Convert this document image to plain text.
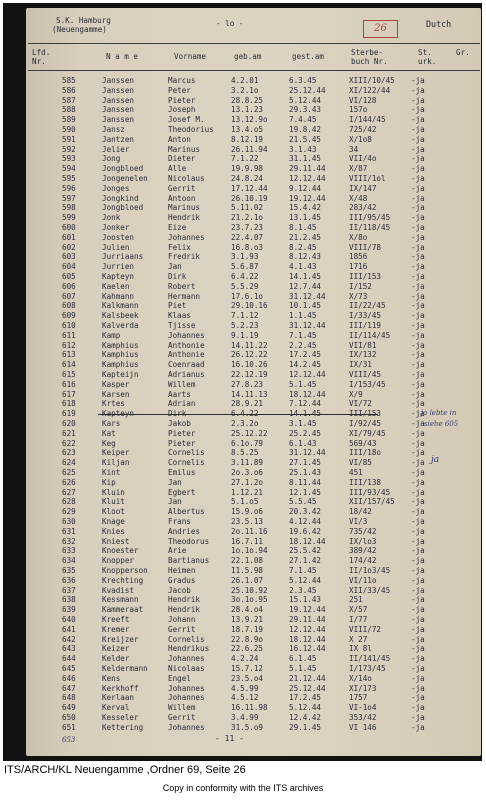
S.K. Hamburg
(Neuengamme)
- lo -	26	Dutch
Lfd.
Nr.
N a m e	Vorname	geb.am	gest.am	Sterbe-
buch Nr.
St.
urk.
Gr.
585	Janssen	Marcus	4.2.01	6.3.45	XIII/10/45 -ja
586	Janssen	Peter	3.2.1o	25.12.44	XI/122/44	-ja
587	Janssen	Pieter	28.8.25	5.12.44	VI/128	-ja
588	Janssen	Joseph	13.1.23	29.3.43	157o	-ja
589	Janssen	Josef M.	13.12.9o	7.4.45	I/144/45	-ja
590	Jansz	Theodorius 13.4.o5	19.8.42	725/42	-ja
591	Jantzen	Anton	8.12.19	21.5.45	X/1o8	-ja
592	Jelier	Marinus	26.11.94	3.1.43	34	-ja
593	Jong	Dieter	7.1.22	31.1.45	VII/4o	-ja
594	Jongbloed	Alle	19.9.98	29.11.44	X/87	-ja
595	Jongenelen	Nicolaus	24.8.24	12.12.44	VIII/1ol	-ja
596	Jonges	Gerrit	17.12.44	9.12.44	IX/147	-ja
597	Jongkind	Antoon	26.10.19	19.12.44	X/48	-ja
598	Jongbloed	Marinus	5.11.02	15.4.42	283/42	-ja
599	Jonk	Hendrik	21.2.1o	13.1.45	III/95/45	-ja
600	Jonker	Eize	23.7.23	8.1.45	II/118/45	-ja
601	Joosten	Johannes	22.4.07	21.2.45	X/8o	-ja
602	Julien	Felix	16.8.o3	8.2.45	VIII/78	-ja
603	Jurriaans	Fredrik	3.1.93	8.12.43	1856	-ja
604	Jurrien	Jan	5.6.87	4.1.43	1716	-ja
605	Kapteyn	Dirk	6.4.22	14.1.45	III/153	-ja
606	Kaelen	Robert	5.5.29	12.7.44	I/152	-ja
607	Kahmann	Hermann	17.6.1o	31.12.44	X/73	-ja
608	Kalkmann	Piet	29.10.16	10.1.45	II/22/45	-ja
609	Kalsbeek	Klaas	7.1.12	1.1.45	I/33/45	-ja
610	Kalverda	Tjisse	5.2.23	31.12.44	III/119	-ja
611	Kamp	Johannes	9.1.19	7.1.45	II/114/45	-ja
612	Kamphius	Anthonie	14.11.22	2.2.45	VII/81	-ja
613	Kamphius	Anthonie	26.12.22	17.2.45	IX/132	-ja
614	Kamphius	Coenraad	16.10.26	14.2.45	IX/31	-ja
615	Kapteijn	Adrianus	22.12.19	12.12.44	VIII/45	-ja
616	Kasper	Willem	27.8.23	5.1.45	I/153/45	-ja
617	Karsen	Aarts	14.11.13	18.12.44	X/9	-ja
618	Krtes	Adrian	28.9.21	7.12.44	VI/72	-ja
619	Kapteyn	Dirk	6.4.22	14.1.45	III/153	-ja
620	Kars	Jakob	2.3.2o	3.1.45	I/92/45	-ja
621	Kat	Pieter	25.12.22	25.2.45	XI/79/45	-ja
622	Keg	Pieter	6.1o.79	6.1.43	569/43	-ja
623	Keiper	Cornelis	8.5.25	31.12.44	III/18o	-ja
624	Kiljan	Cornelis	3.11.89	27.1.45	VI/85	-ja
625	Kint	Emilus	2o.3.o6	25.1.43	451	-ja
626	Kip	Jan	27.1.2o	8.11.44	III/138	-ja
627	Kluin	Egbert	1.12.21	12.1.45	III/93/45	-ja
628	Kluit	Jan	5.1.o5	5.5.45	XII/157/45 -ja
629	Kloot	Albertus	15.9.o6	20.3.42	18/42	-ja
630	Knage	Frans	23.5.13	4.12.44	VI/3	-ja
631	Knies	Andries	2o.11.16	19.6.42	735/42	-ja
632	Kniest	Theodorus	16.7.11	18.12.44	IX/lo3	-ja
633	Knoester	Arie	1o.1o.94	25.5.42	389/42	-ja
634	Knopper	Bartianus	22.1.08	27.1.42	174/42	-ja
635	Knopperson	Heimen	11.5.98	7.1.45	II/1o3/45	-ja
636	Krechting	Gradus	26.1.07	5.12.44	VI/11o	-ja
637	Kvadist	Jacob	25.10.92	2.3.45	XII/33/45	-ja
638	Kessmann	Hendrik	3o.1o.95	15.1.43	251	-ja
639	Kammeraat	Hendrik	28.4.o4	19.12.44	X/57	-ja
640	Kreeft	Johann	13.9.21	29.11.44	I/77	-ja
641	Kremer	Gerrit	18.7.19	12.12.44	VIII/72	-ja
642	Kreijzer	Cornelis	22.8.9o	18.12.44	X 27	-ja
643	Keizer	Hendrikus	22.6.25	16.12.44	IX 8l	-ja
644	Kelder	Johannes	4.2.24	6.1.45	II/141/45	-ja
645	Keldermann	Nicolaas	15.7.12	5.1.45	I/173/45	-ja
646	Kens	Engel	23.5.o4	21.12.44	X/14o	-ja
647	Kerkhoff	Johannes	4.5.99	25.12.44	XI/173	-ja
648	Kerlaan	Johannes	4.5.12	17.2.45	1757	-ja
649	Kerval	Willem	16.11.98	5.12.44	VI-1o4	-ja
650	Kesseler	Gerrit	3.4.99	12.4.42	353/42	-ja
651	Kettering	Johannes	31.5.o9	29.1.45	VI 146	-ja
ja
ja lebte in
siehe 605
653	- 11 -
ITS/ARCH/KL Neuengamme ,Ordner 69, Seite 26
Copy in conformity with the ITS archives
